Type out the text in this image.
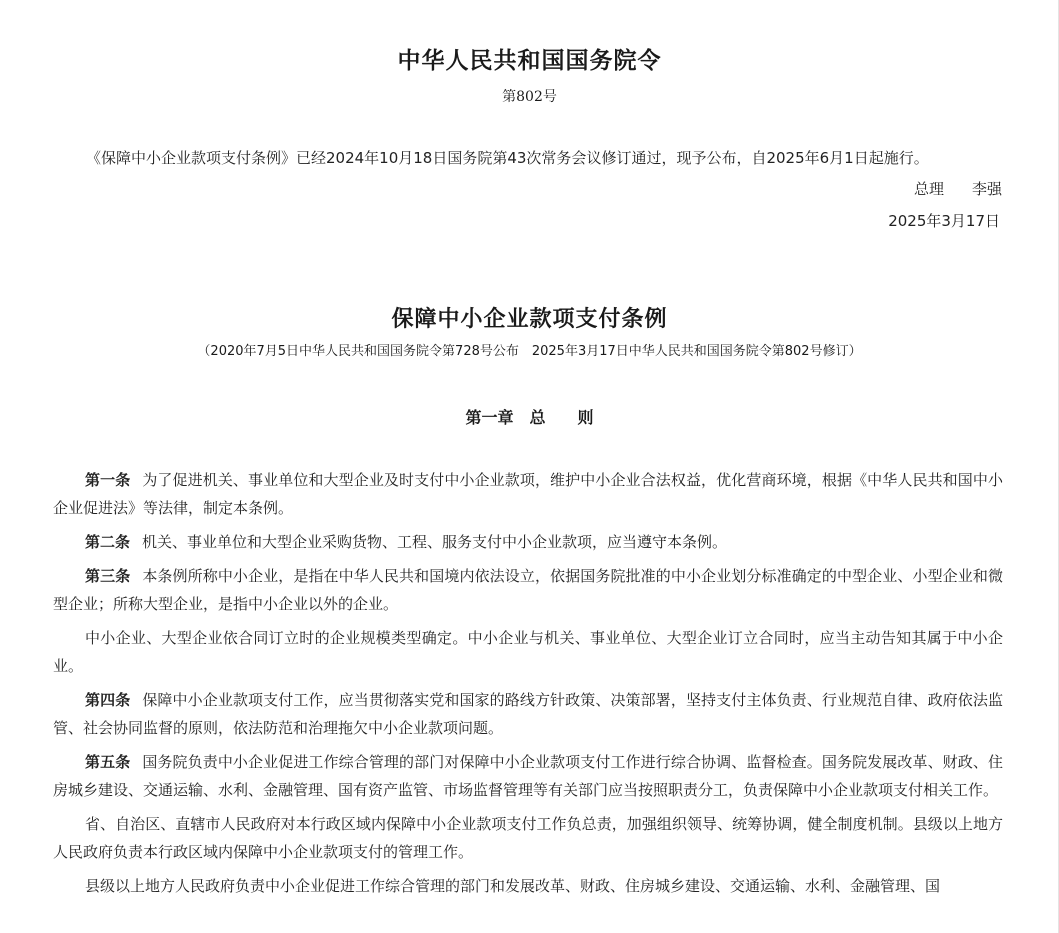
中华人民共和国国务院令
第802号
《保障中小企业款项支付条例》已经2024年10月18日国务院第43次常务会议修订通过，现予公布，自2025年6月1日起施行。
总理 李强
2025年3月17日
保障中小企业款项支付条例
（2020年7月5日中华人民共和国国务院令第728号公布　2025年3月17日中华人民共和国国务院令第802号修订）
第一章　总　　则

第一条 为了促进机关、事业单位和大型企业及时支付中小企业款项，维护中小企业合法权益，优化营商环境，根据《中华人民共和国中小企业促进法》等法律，制定本条例。

第二条 机关、事业单位和大型企业采购货物、工程、服务支付中小企业款项，应当遵守本条例。

第三条 本条例所称中小企业，是指在中华人民共和国境内依法设立，依据国务院批准的中小企业划分标准确定的中型企业、小型企业和微型企业；所称大型企业，是指中小企业以外的企业。

中小企业、大型企业依合同订立时的企业规模类型确定。中小企业与机关、事业单位、大型企业订立合同时，应当主动告知其属于中小企业。

第四条 保障中小企业款项支付工作，应当贯彻落实党和国家的路线方针政策、决策部署，坚持支付主体负责、行业规范自律、政府依法监管、社会协同监督的原则，依法防范和治理拖欠中小企业款项问题。

第五条 国务院负责中小企业促进工作综合管理的部门对保障中小企业款项支付工作进行综合协调、监督检查。国务院发展改革、财政、住房城乡建设、交通运输、水利、金融管理、国有资产监管、市场监督管理等有关部门应当按照职责分工，负责保障中小企业款项支付相关工作。

省、自治区、直辖市人民政府对本行政区域内保障中小企业款项支付工作负总责，加强组织领导、统筹协调，健全制度机制。县级以上地方人民政府负责本行政区域内保障中小企业款项支付的管理工作。

县级以上地方人民政府负责中小企业促进工作综合管理的部门和发展改革、财政、住房城乡建设、交通运输、水利、金融管理、国
